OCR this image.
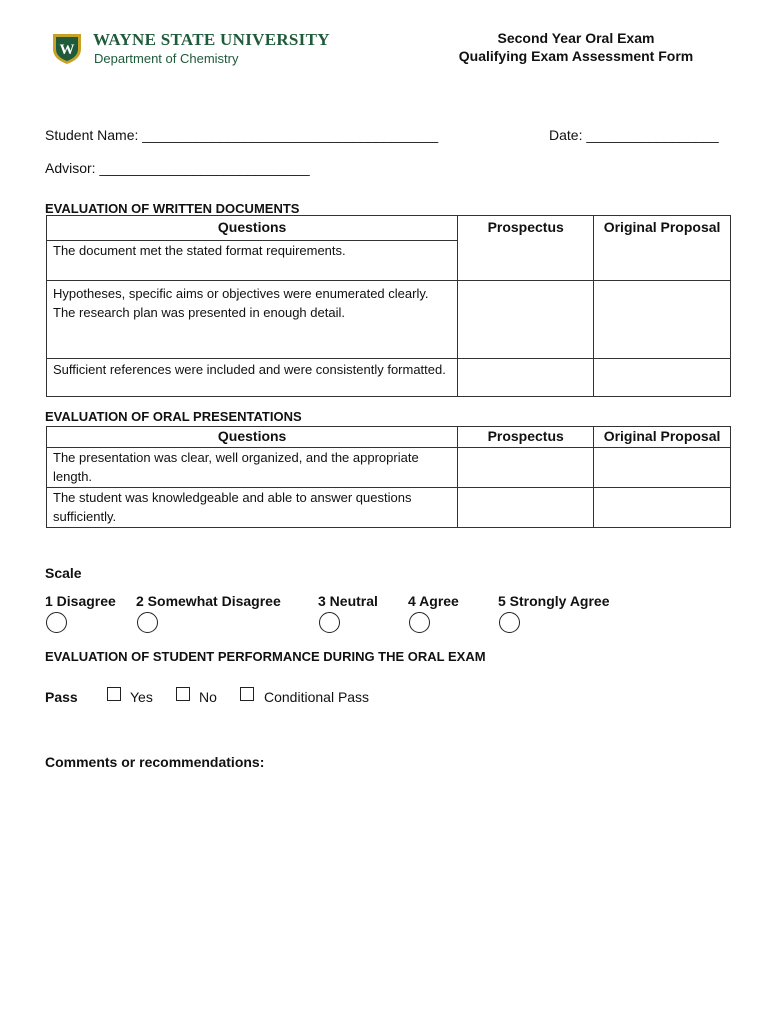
W
WAYNE STATE UNIVERSITY
Department of Chemistry
Second Year Oral Exam
Qualifying Exam Assessment Form
Student Name: ______________________________________	Date: _________________
Advisor: ___________________________
EVALUATION OF WRITTEN DOCUMENTS
Questions	Prospectus	Original Proposal
The document met the stated format requirements.		

Hypotheses, specific aims or objectives were enumerated clearly.
The research plan was presented in enough detail.		

Sufficient references were included and were consistently formatted.		
EVALUATION OF ORAL PRESENTATIONS
Questions	Prospectus	Original Proposal
The presentation was clear, well organized, and the appropriate length.		
The student was knowledgeable and able to answer questions sufficiently.		
Scale
1 Disagree 2 Somewhat Disagree	3 Neutral 4 Agree	5 Strongly Agree
EVALUATION OF STUDENT PERFORMANCE DURING THE ORAL EXAM
Pass	Yes	No	Conditional Pass
Comments or recommendations:
